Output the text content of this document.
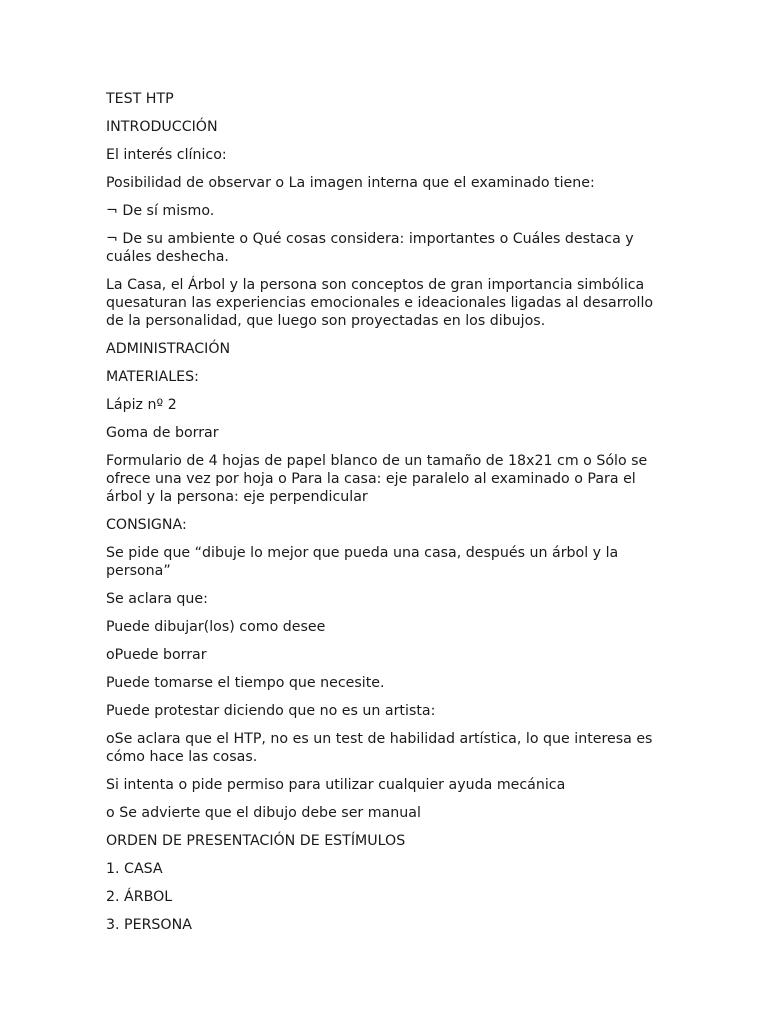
TEST HTP

INTRODUCCIÓN

El interés clínico:

Posibilidad de observar o La imagen interna que el examinado tiene:

¬ De sí mismo.

¬ De su ambiente o Qué cosas considera: importantes o Cuáles destaca y cuáles deshecha.

La Casa, el Árbol y la persona son conceptos de gran importancia simbólica quesaturan las experiencias emocionales e ideacionales ligadas al desarrollo de la personalidad, que luego son proyectadas en los dibujos.

ADMINISTRACIÓN

MATERIALES:

Lápiz nº 2

Goma de borrar

Formulario de 4 hojas de papel blanco de un tamaño de 18x21 cm o Sólo se ofrece una vez por hoja o Para la casa: eje paralelo al examinado o Para el árbol y la persona: eje perpendicular

CONSIGNA:

Se pide que “dibuje lo mejor que pueda una casa, después un árbol y la persona”

Se aclara que:

Puede dibujar(los) como desee

oPuede borrar

Puede tomarse el tiempo que necesite.

Puede protestar diciendo que no es un artista:

oSe aclara que el HTP, no es un test de habilidad artística, lo que interesa es cómo hace las cosas.

Si intenta o pide permiso para utilizar cualquier ayuda mecánica

o Se advierte que el dibujo debe ser manual

ORDEN DE PRESENTACIÓN DE ESTÍMULOS

1. CASA

2. ÁRBOL

3. PERSONA
